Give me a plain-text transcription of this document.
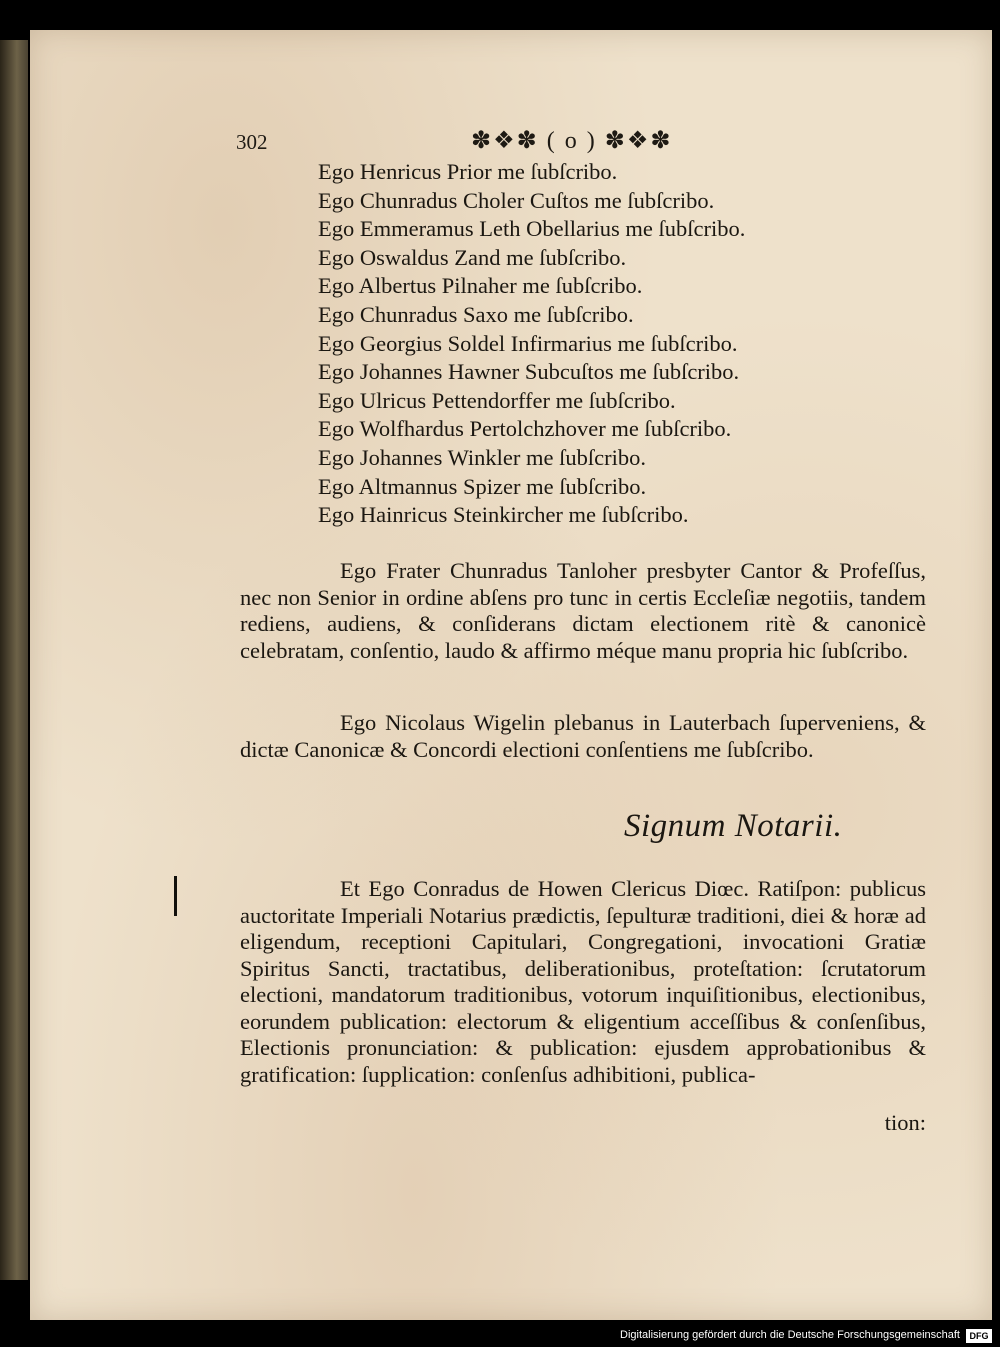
302	✽❖✽ ( o ) ✽❖✽
Ego Henricus Prior me ſubſcribo.
Ego Chunradus Choler Cuſtos me ſubſcribo.
Ego Emmeramus Leth Obellarius me ſubſcribo.
Ego Oswaldus Zand me ſubſcribo.
Ego Albertus Pilnaher me ſubſcribo.
Ego Chunradus Saxo me ſubſcribo.
Ego Georgius Soldel Infirmarius me ſubſcribo.
Ego Johannes Hawner Subcuſtos me ſubſcribo.
Ego Ulricus Pettendorffer me ſubſcribo.
Ego Wolfhardus Pertolchzhover me ſubſcribo.
Ego Johannes Winkler me ſubſcribo.
Ego Altmannus Spizer me ſubſcribo.
Ego Hainricus Steinkircher me ſubſcribo.

Ego Frater Chunradus Tanloher presbyter Cantor & Profeſſus, nec non Senior in ordine abſens pro tunc in certis Eccleſiæ negotiis, tandem rediens, audiens, & conſiderans dictam electionem ritè & canonicè celebratam, conſentio, laudo & affirmo méque manu propria hic ſubſcribo.

Ego Nicolaus Wigelin plebanus in Lauterbach ſuperveniens, & dictæ Canonicæ & Concordi electioni conſentiens me ſubſcribo.

Signum Notarii.

Et Ego Conradus de Howen Clericus Diœc. Ratiſpon: publicus auctoritate Imperiali Notarius prædictis, ſepulturæ traditioni, diei & horæ ad eligendum, receptioni Capitulari, Congregationi, invocationi Gratiæ Spiritus Sancti, tractatibus, deliberationibus, proteſtation: ſcrutatorum electioni, mandatorum traditionibus, votorum inquiſitionibus, electionibus, eorundem publication: electorum & eligentium acceſſibus & conſenſibus, Electionis pronunciation: & publication: ejusdem approbationibus & gratification: ſupplication: conſenſus adhibitioni, publica-

tion:
Digitalisierung gefördert durch die Deutsche Forschungsgemeinschaft	DFG
